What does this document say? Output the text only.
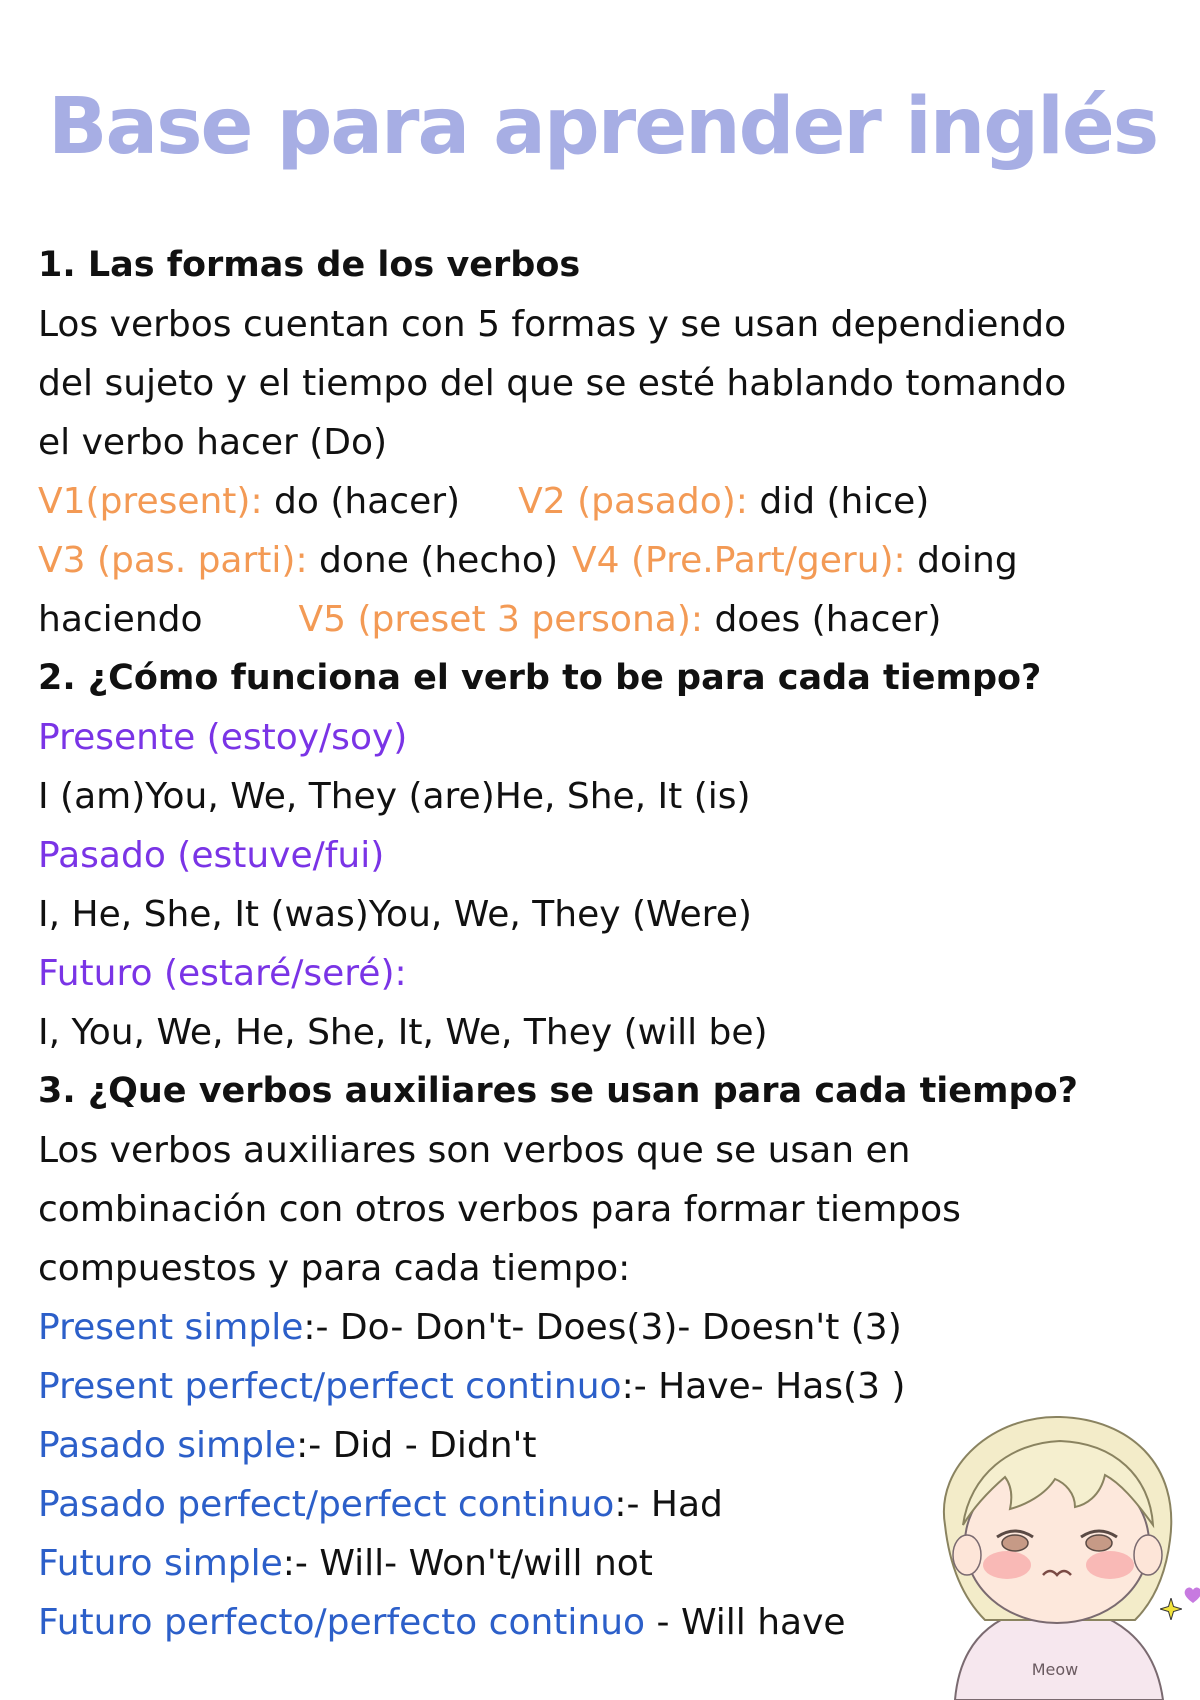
Base para aprender inglés
1. Las formas de los verbos
Los verbos cuentan con 5 formas y se usan dependiendo
del sujeto y el tiempo del que se esté hablando tomando
el verbo hacer (Do)
V1(present): do (hacer) V2 (pasado): did (hice)
V3 (pas. parti): done (hecho) V4 (Pre.Part/geru): doing
haciendo	V5 (preset 3 persona): does (hacer)
2. ¿Cómo funciona el verb to be para cada tiempo?
Presente (estoy/soy)
I (am)You, We, They (are)He, She, It (is)
Pasado (estuve/fui)
I, He, She, It (was)You, We, They (Were)
Futuro (estaré/seré):
I, You, We, He, She, It, We, They (will be)
3. ¿Que verbos auxiliares se usan para cada tiempo?
Los verbos auxiliares son verbos que se usan en
combinación con otros verbos para formar tiempos
compuestos y para cada tiempo:
Present simple:- Do- Don't- Does(3)- Doesn't (3)
Present perfect/perfect continuo:- Have- Has(3 )
Pasado simple:- Did - Didn't
Pasado perfect/perfect continuo:- Had
Futuro simple:- Will- Won't/will not
Futuro perfecto/perfecto continuo - Will have
Meow
